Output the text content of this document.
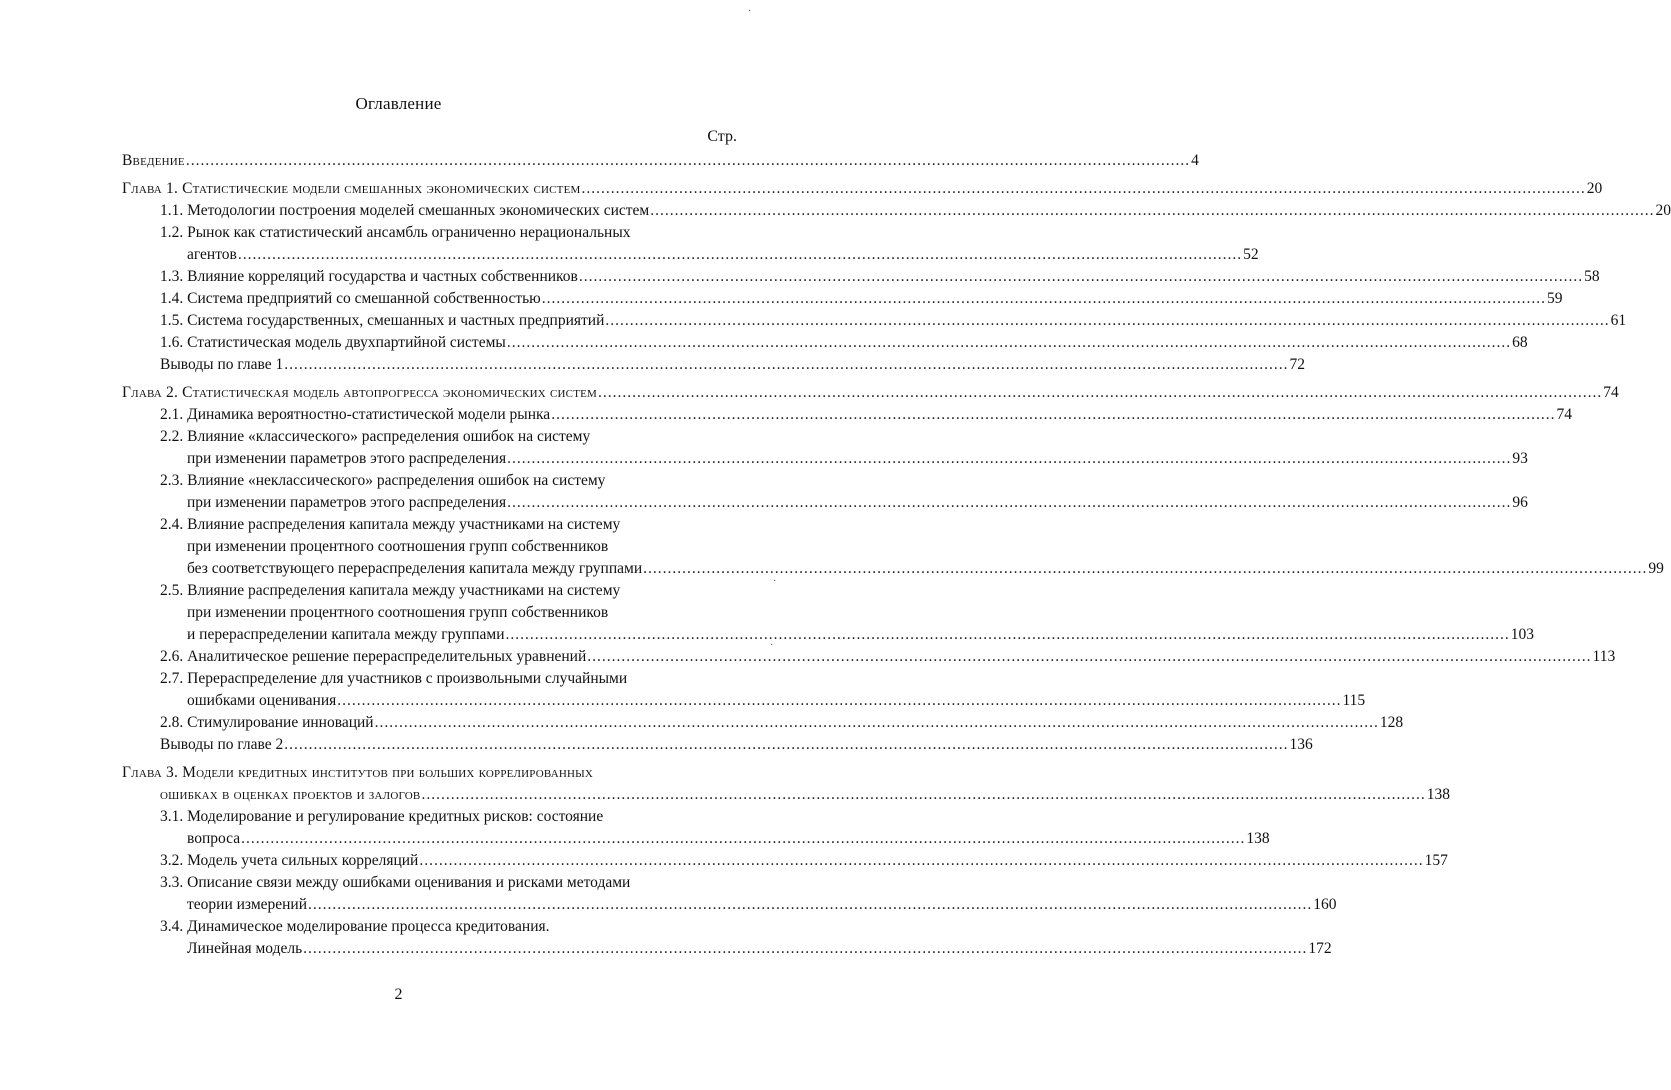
Оглавление
Стр.
Введение .............................................................................................................................................................................................................. 4
Глава 1. Статистические модели смешанных экономических систем .............................................................................................................................................................................................................. 20
1.1.
Методологии построения моделей смешанных экономических систем .............................................................................................................................................................................................................. 20
1.2. Рынок как статистический ансамбль ограниченно нерациональных
агентов .............................................................................................................................................................................................................. 52
1.3.
Влияние корреляций государства и частных собственников .............................................................................................................................................................................................................. 58
1.4.
Система предприятий со смешанной собственностью .............................................................................................................................................................................................................. 59
1.5.
Система государственных, смешанных и частных предприятий .............................................................................................................................................................................................................. 61
1.6.
Статистическая модель двухпартийной системы .............................................................................................................................................................................................................. 68
Выводы по главе 1 .............................................................................................................................................................................................................. 72
Глава 2. Статистическая модель автопрогресса экономических систем .............................................................................................................................................................................................................. 74
2.1.
Динамика вероятностно-статистической модели рынка .............................................................................................................................................................................................................. 74
2.2. Влияние «классического» распределения ошибок на систему
при изменении параметров этого распределения .............................................................................................................................................................................................................. 93
2.3. Влияние «неклассического» распределения ошибок на систему
при изменении параметров этого распределения .............................................................................................................................................................................................................. 96
2.4. Влияние распределения капитала между участниками на систему
при изменении процентного соотношения групп собственников
без соответствующего перераспределения капитала между группами .............................................................................................................................................................................................................. 99
2.5. Влияние распределения капитала между участниками на систему
при изменении процентного соотношения групп собственников
и перераспределении капитала между группами .............................................................................................................................................................................................................. 103
2.6.
Аналитическое решение перераспределительных уравнений .............................................................................................................................................................................................................. 113
2.7. Перераспределение для участников с произвольными случайными
ошибками оценивания .............................................................................................................................................................................................................. 115
2.8.
Стимулирование инноваций .............................................................................................................................................................................................................. 128
Выводы по главе 2 .............................................................................................................................................................................................................. 136
Глава 3. Модели кредитных институтов при больших коррелированных
ошибках в оценках проектов и залогов .............................................................................................................................................................................................................. 138
3.1. Моделирование и регулирование кредитных рисков: состояние
вопроса .............................................................................................................................................................................................................. 138
3.2.
Модель учета сильных корреляций .............................................................................................................................................................................................................. 157
3.3. Описание связи между ошибками оценивания и рисками методами
теории измерений .............................................................................................................................................................................................................. 160
3.4. Динамическое моделирование процесса кредитования.
Линейная модель .............................................................................................................................................................................................................. 172
2
·
·
·
